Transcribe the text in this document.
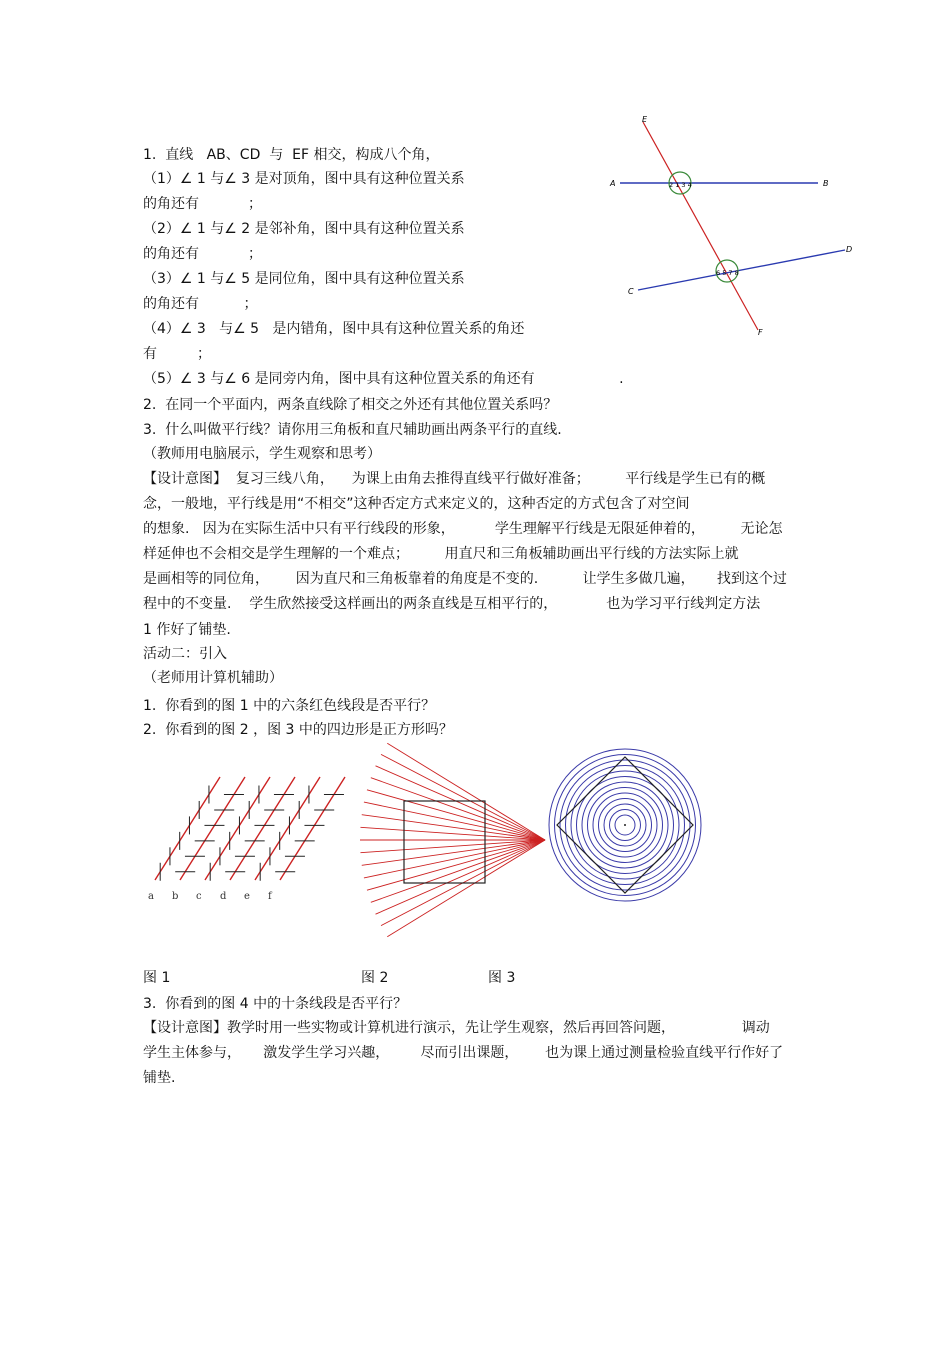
1.  直线   AB、CD  与  EF 相交，构成八个角，
（1）∠ 1 与∠ 3 是对顶角，图中具有这种位置关系
的角还有           ；
（2）∠ 1 与∠ 2 是邻补角，图中具有这种位置关系
的角还有           ；
（3）∠ 1 与∠ 5 是同位角，图中具有这种位置关系
的角还有          ；
（4）∠ 3   与∠ 5   是内错角，图中具有这种位置关系的角还
有         ；
（5）∠ 3 与∠ 6 是同旁内角，图中具有这种位置关系的角还有                   .
2.  在同一个平面内，两条直线除了相交之外还有其他位置关系吗？
3.  什么叫做平行线？请你用三角板和直尺辅助画出两条平行的直线.
（教师用电脑展示，学生观察和思考）
【设计意图】  复习三线八角，    为课上由角去推得直线平行做好准备；        平行线是学生已有的概
念，一般地，平行线是用“不相交”这种否定方式来定义的，这种否定的方式包含了对空间
的想象.   因为在实际生活中只有平行线段的形象，         学生理解平行线是无限延伸着的，        无论怎
样延伸也不会相交是学生理解的一个难点；        用直尺和三角板辅助画出平行线的方法实际上就
是画相等的同位角，      因为直尺和三角板靠着的角度是不变的.          让学生多做几遍，     找到这个过
程中的不变量.    学生欣然接受这样画出的两条直线是互相平行的，           也为学习平行线判定方法
1 作好了铺垫.
活动二：引入
（老师用计算机辅助）
1.  你看到的图 1 中的六条红色线段是否平行？
2.  你看到的图 2 ，图 3 中的四边形是正方形吗？
E
A	B
C
D
F
2 1 3 4
6 5 7 8
a b c d e f
图 1	图 2	图 3
3.  你看到的图 4 中的十条线段是否平行？
【设计意图】教学时用一些实物或计算机进行演示，先让学生观察，然后再回答问题，               调动
学生主体参与，     激发学生学习兴趣，       尽而引出课题，      也为课上通过测量检验直线平行作好了
铺垫.
